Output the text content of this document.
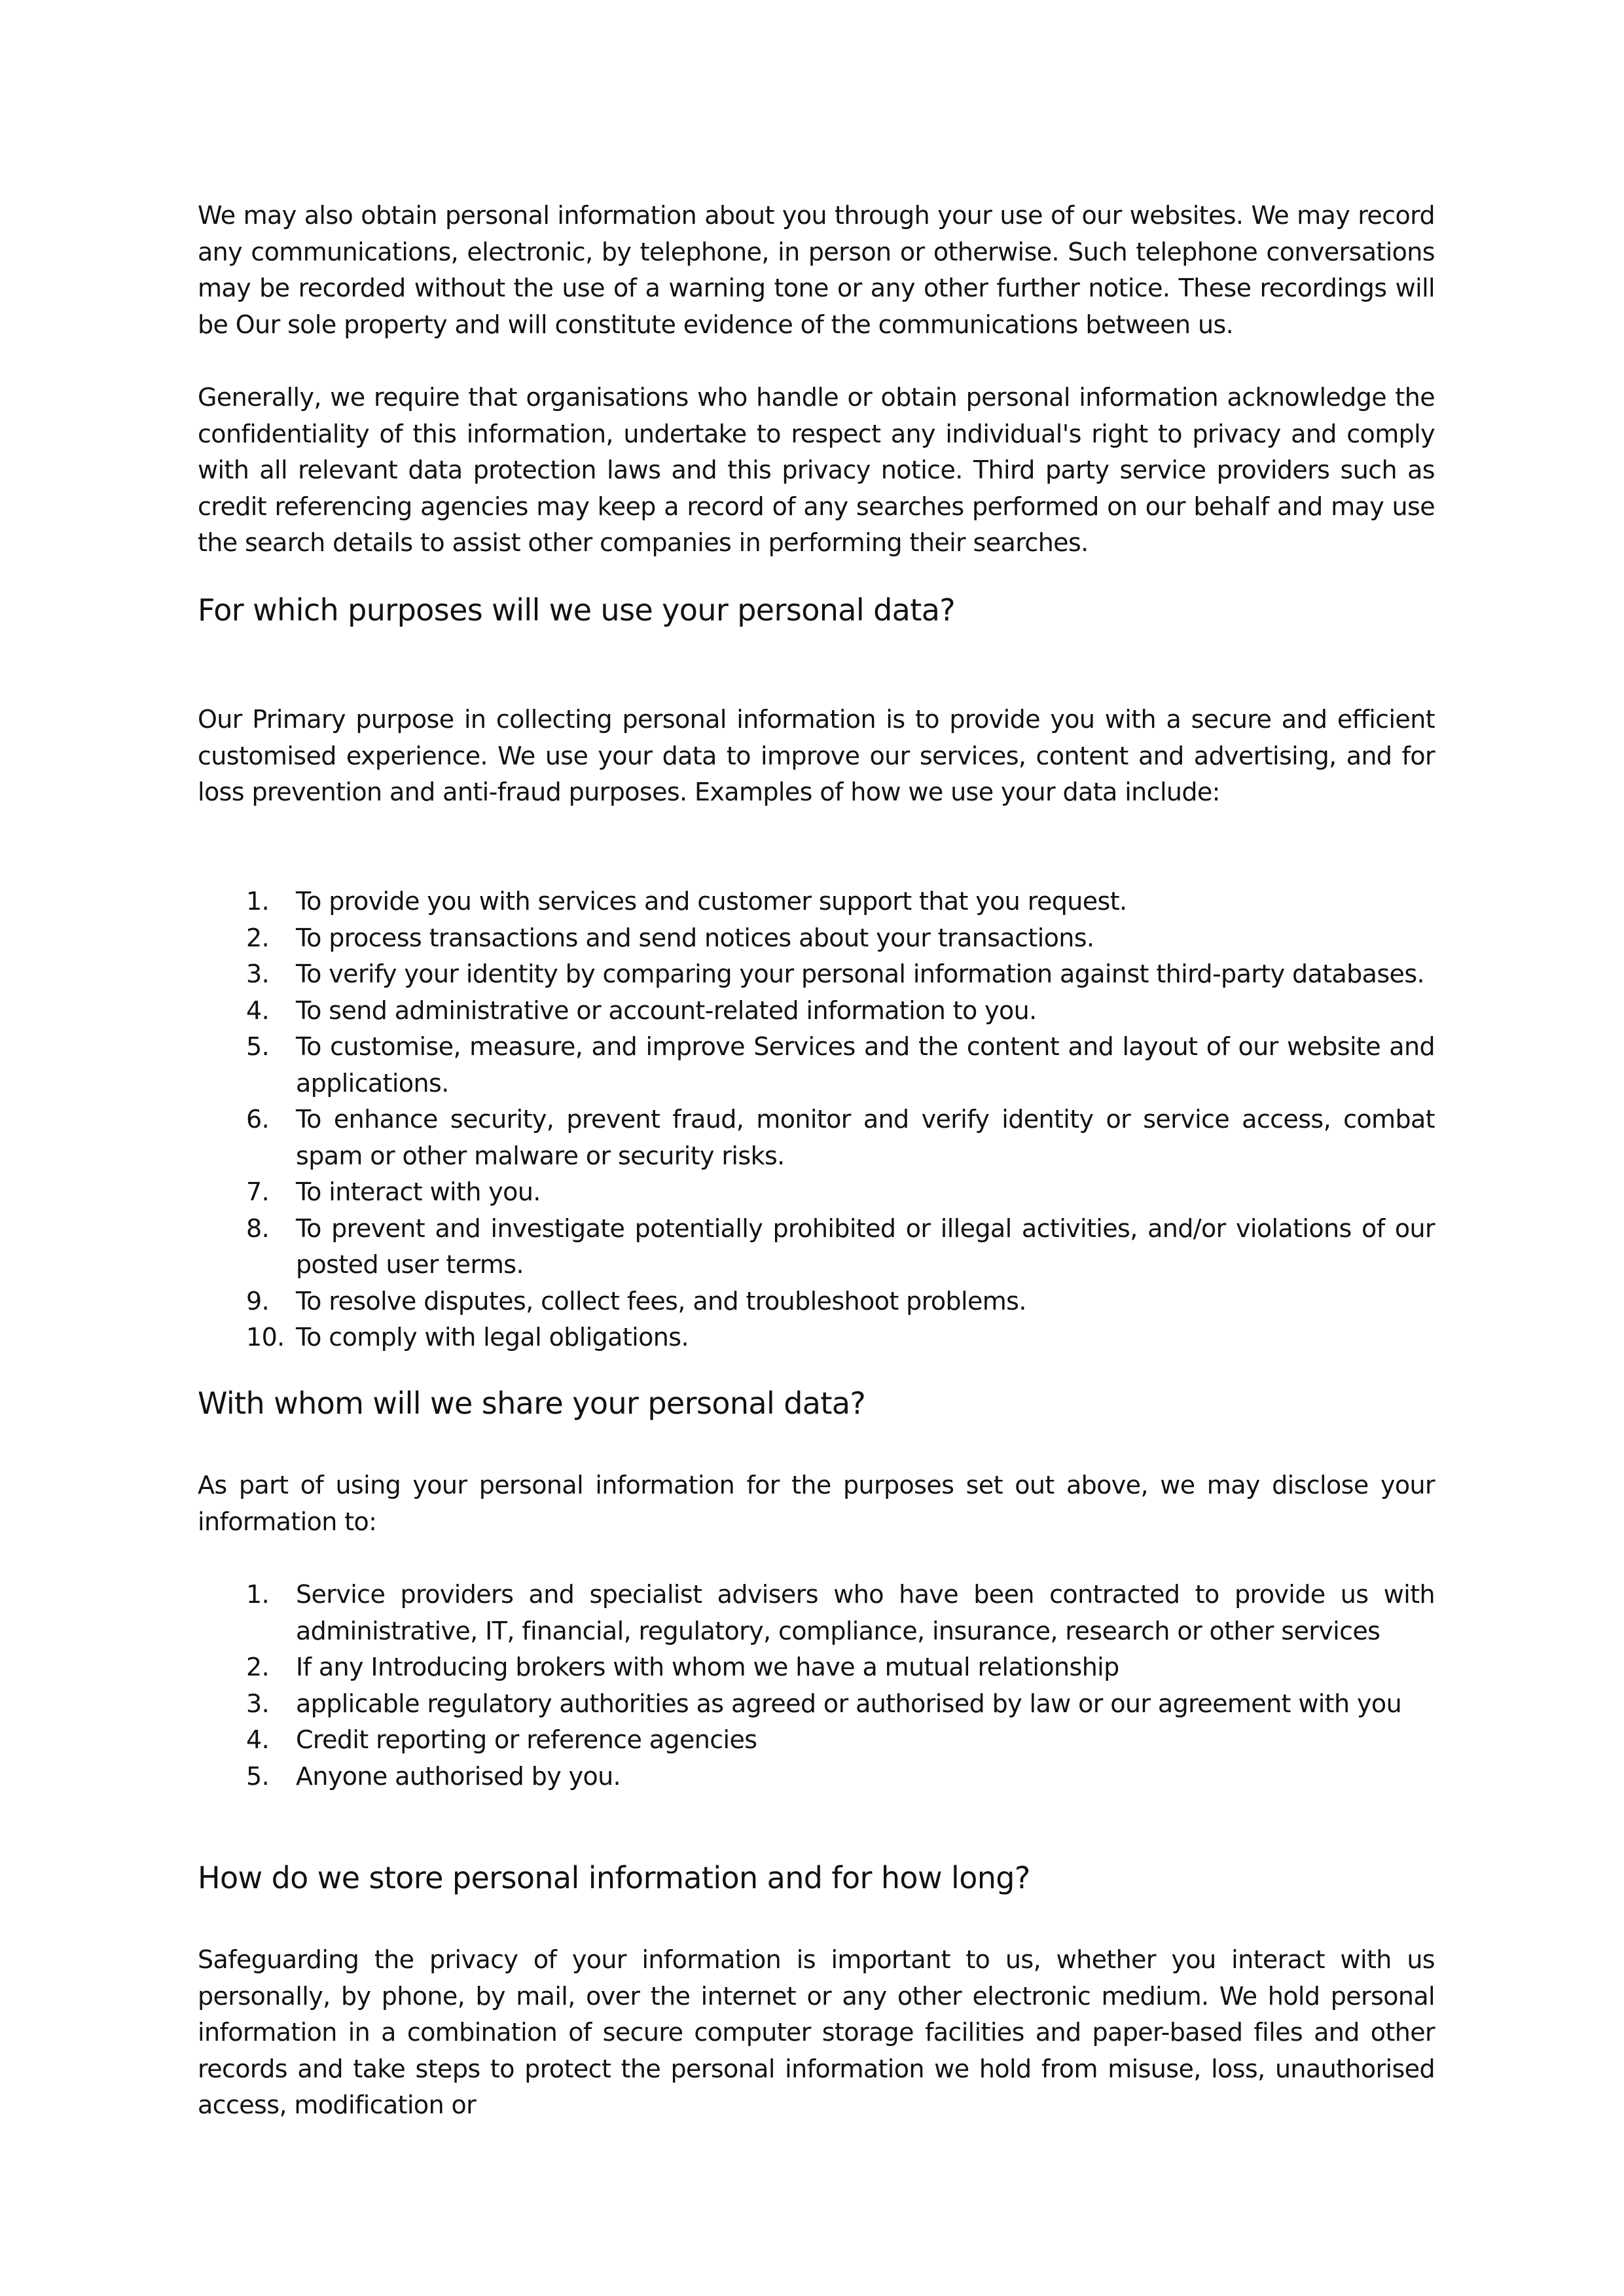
We may also obtain personal information about you through your use of our websites. We may record any communications, electronic, by telephone, in person or otherwise. Such telephone conversations may be recorded without the use of a warning tone or any other further notice. These recordings will be Our sole property and will constitute evidence of the communications between us.

Generally, we require that organisations who handle or obtain personal information acknowledge the confidentiality of this information, undertake to respect any individual's right to privacy and comply with all relevant data protection laws and this privacy notice. Third party service providers such as credit referencing agencies may keep a record of any searches performed on our behalf and may use the search details to assist other companies in performing their searches.

For which purposes will we use your personal data?

Our Primary purpose in collecting personal information is to provide you with a secure and efficient customised experience. We use your data to improve our services, content and advertising, and for loss prevention and anti-fraud purposes. Examples of how we use your data include:

1. To provide you with services and customer support that you request.
2. To process transactions and send notices about your transactions.
3. To verify your identity by comparing your personal information against third-party databases.
4. To send administrative or account-related information to you.
5. To customise, measure, and improve Services and the content and layout of our website and applications.
6. To enhance security, prevent fraud, monitor and verify identity or service access, combat spam or other malware or security risks.
7. To interact with you.
8. To prevent and investigate potentially prohibited or illegal activities, and/or violations of our posted user terms.
9. To resolve disputes, collect fees, and troubleshoot problems.
10. To comply with legal obligations.
With whom will we share your personal data?

As part of using your personal information for the purposes set out above, we may disclose your information to:

1. Service providers and specialist advisers who have been contracted to provide us with administrative, IT, financial, regulatory, compliance, insurance, research or other services
2. If any Introducing brokers with whom we have a mutual relationship
3. applicable regulatory authorities as agreed or authorised by law or our agreement with you
4. Credit reporting or reference agencies
5. Anyone authorised by you.
How do we store personal information and for how long?

Safeguarding the privacy of your information is important to us, whether you interact with us personally, by phone, by mail, over the internet or any other electronic medium. We hold personal information in a combination of secure computer storage facilities and paper-based files and other records and take steps to protect the personal information we hold from misuse, loss, unauthorised access, modification or
